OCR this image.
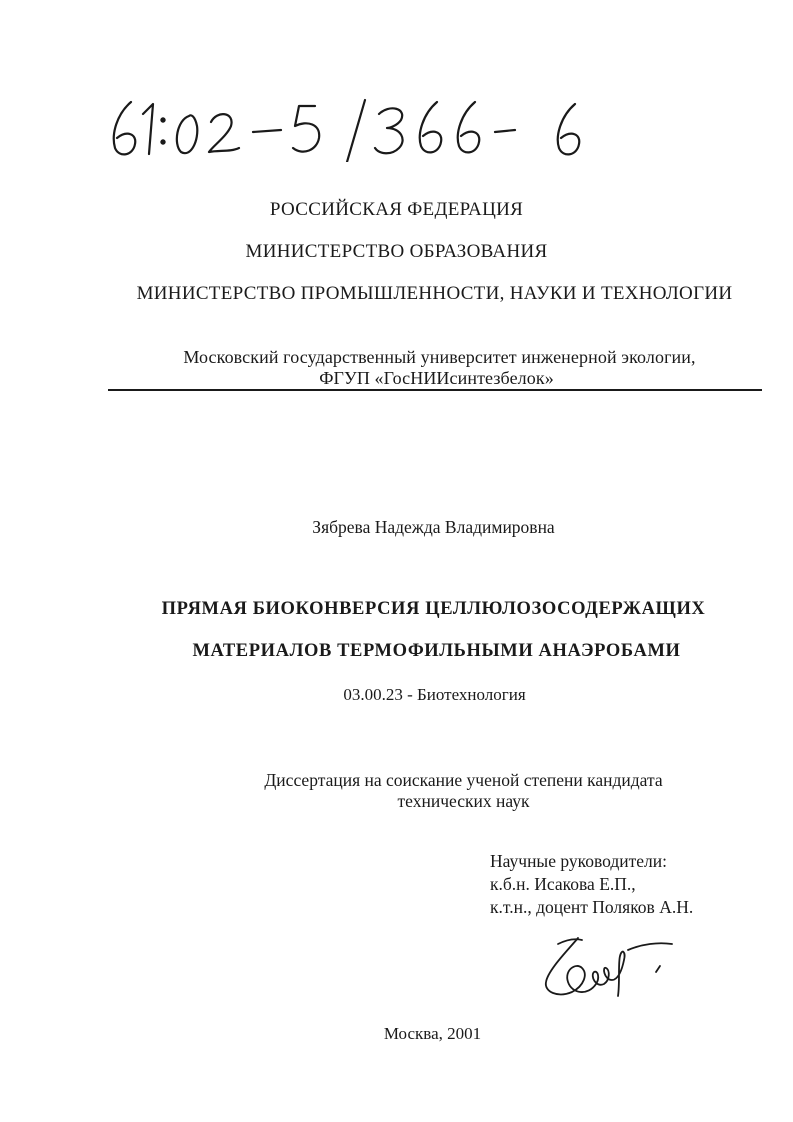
РОССИЙСКАЯ ФЕДЕРАЦИЯ
МИНИСТЕРСТВО ОБРАЗОВАНИЯ
МИНИСТЕРСТВО ПРОМЫШЛЕННОСТИ, НАУКИ И ТЕХНОЛОГИИ
Московский государственный университет инженерной экологии,
ФГУП «ГосНИИсинтезбелок»
Зябрева Надежда Владимировна
ПРЯМАЯ БИОКОНВЕРСИЯ ЦЕЛЛЮЛОЗОСОДЕРЖАЩИХ
МАТЕРИАЛОВ ТЕРМОФИЛЬНЫМИ АНАЭРОБАМИ
03.00.23 - Биотехнология
Диссертация на соискание ученой степени кандидата
технических наук
Научные руководители:
к.б.н. Исакова Е.П.,
к.т.н., доцент Поляков А.Н.
Москва, 2001
